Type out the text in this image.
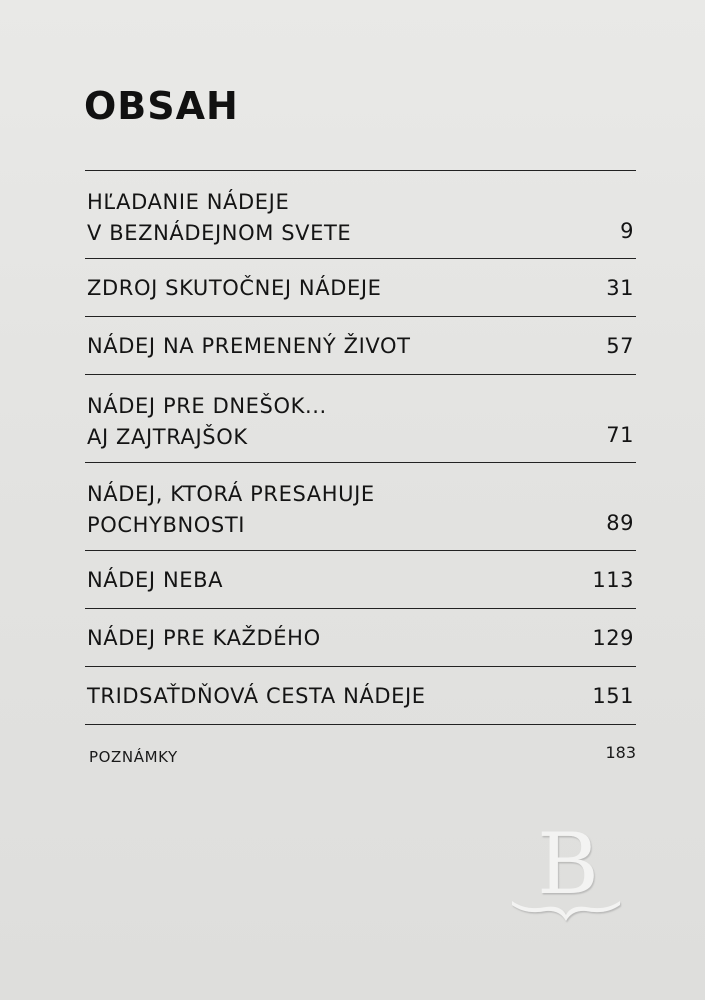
OBSAH
HĽADANIE NÁDEJE
V BEZNÁDEJNOM SVETE	9
ZDROJ SKUTOČNEJ NÁDEJE	31
NÁDEJ NA PREMENENÝ ŽIVOT	57
NÁDEJ PRE DNEŠOK...
AJ ZAJTRAJŠOK	71
NÁDEJ, KTORÁ PRESAHUJE
POCHYBNOSTI	89
NÁDEJ NEBA	113
NÁDEJ PRE KAŽDÉHO	129
TRIDSAŤDŇOVÁ CESTA NÁDEJE	151
POZNÁMKY	183
B
